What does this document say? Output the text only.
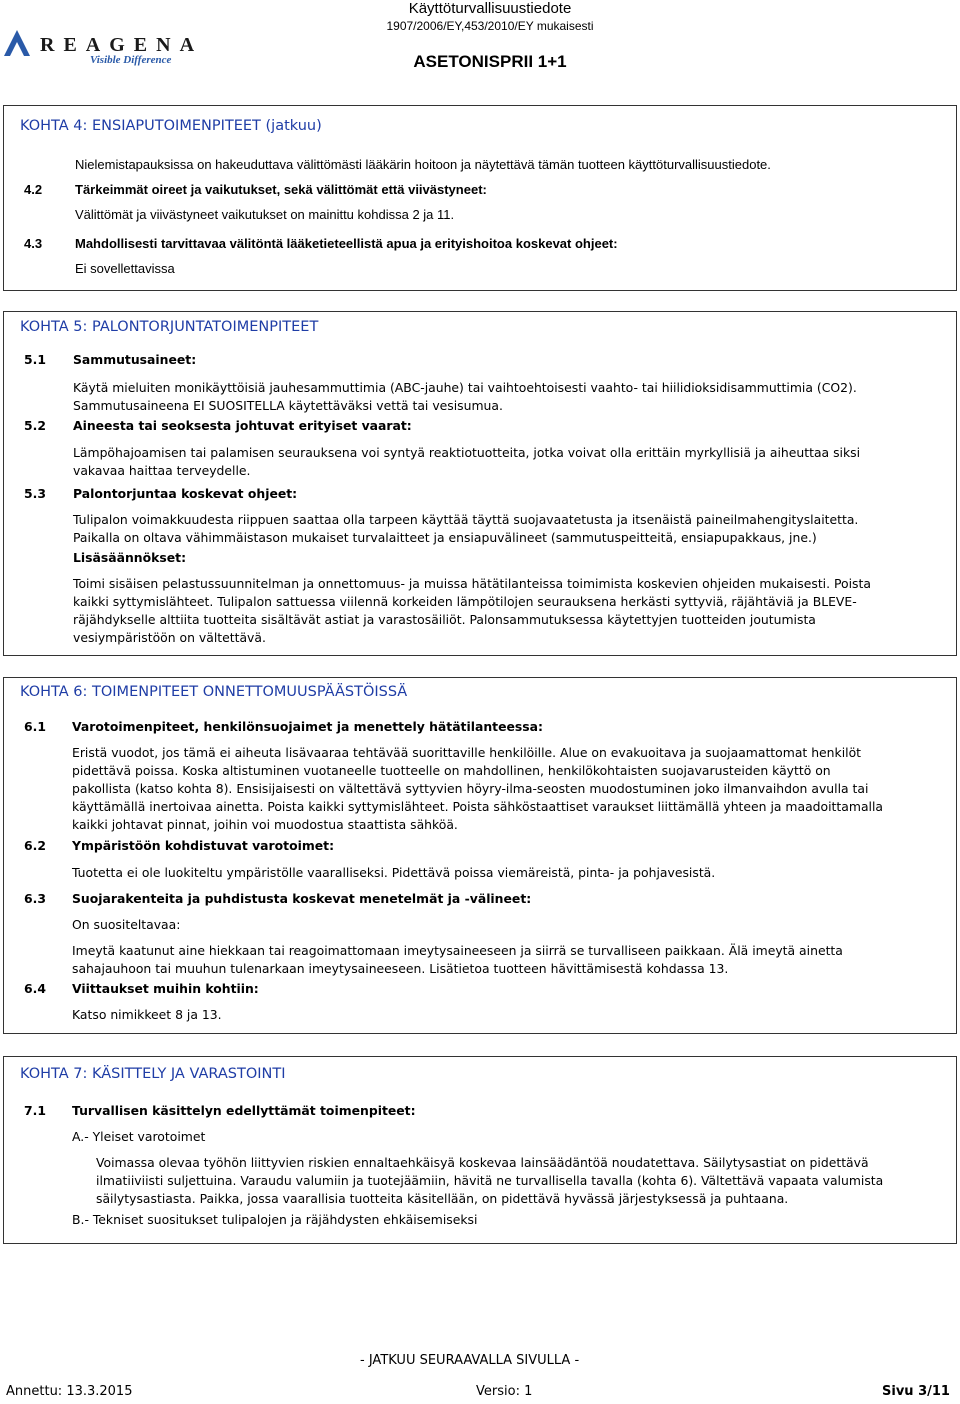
REAGENA
Visible Difference
Käyttöturvallisuustiedote
1907/2006/EY,453/2010/EY mukaisesti
ASETONISPRII 1+1
KOHTA 4: ENSIAPUTOIMENPITEET (jatkuu)
Nielemistapauksissa on hakeuduttava välittömästi lääkärin hoitoon ja näytettävä tämän tuotteen käyttöturvallisuustiedote.
4.2	Tärkeimmät oireet ja vaikutukset, sekä välittömät että viivästyneet:
Välittömät ja viivästyneet vaikutukset on mainittu kohdissa 2 ja 11.
4.3	Mahdollisesti tarvittavaa välitöntä lääketieteellistä apua ja erityishoitoa koskevat ohjeet:
Ei sovellettavissa
KOHTA 5: PALONTORJUNTATOIMENPITEET
5.1 Sammutusaineet:
Käytä mieluiten monikäyttöisiä jauhesammuttimia (ABC-jauhe) tai vaihtoehtoisesti vaahto- tai hiilidioksidisammuttimia (CO2).
Sammutusaineena EI SUOSITELLA käytettäväksi vettä tai vesisumua.
5.2 Aineesta tai seoksesta johtuvat erityiset vaarat:
Lämpöhajoamisen tai palamisen seurauksena voi syntyä reaktiotuotteita, jotka voivat olla erittäin myrkyllisiä ja aiheuttaa siksi
vakavaa haittaa terveydelle.
5.3 Palontorjuntaa koskevat ohjeet:
Tulipalon voimakkuudesta riippuen saattaa olla tarpeen käyttää täyttä suojavaatetusta ja itsenäistä paineilmahengityslaitetta.
Paikalla on oltava vähimmäistason mukaiset turvalaitteet ja ensiapuvälineet (sammutuspeitteitä, ensiapupakkaus, jne.)
Lisäsäännökset:
Toimi sisäisen pelastussuunnitelman ja onnettomuus- ja muissa hätätilanteissa toimimista koskevien ohjeiden mukaisesti. Poista
kaikki syttymislähteet. Tulipalon sattuessa viilennä korkeiden lämpötilojen seurauksena herkästi syttyviä, räjähtäviä ja BLEVE-
räjähdykselle alttiita tuotteita sisältävät astiat ja varastosäiliöt. Palonsammutuksessa käytettyjen tuotteiden joutumista
vesiympäristöön on vältettävä.
KOHTA 6: TOIMENPITEET ONNETTOMUUSPÄÄSTÖISSÄ
6.1 Varotoimenpiteet, henkilönsuojaimet ja menettely hätätilanteessa:
Eristä vuodot, jos tämä ei aiheuta lisävaaraa tehtävää suorittaville henkilöille. Alue on evakuoitava ja suojaamattomat henkilöt
pidettävä poissa. Koska altistuminen vuotaneelle tuotteelle on mahdollinen, henkilökohtaisten suojavarusteiden käyttö on
pakollista (katso kohta 8). Ensisijaisesti on vältettävä syttyvien höyry-ilma-seosten muodostuminen joko ilmanvaihdon avulla tai
käyttämällä inertoivaa ainetta. Poista kaikki syttymislähteet. Poista sähköstaattiset varaukset liittämällä yhteen ja maadoittamalla
kaikki johtavat pinnat, joihin voi muodostua staattista sähköä.
6.2 Ympäristöön kohdistuvat varotoimet:
Tuotetta ei ole luokiteltu ympäristölle vaaralliseksi. Pidettävä poissa viemäreistä, pinta- ja pohjavesistä.
6.3 Suojarakenteita ja puhdistusta koskevat menetelmät ja -välineet:
On suositeltavaa:
Imeytä kaatunut aine hiekkaan tai reagoimattomaan imeytysaineeseen ja siirrä se turvalliseen paikkaan. Älä imeytä ainetta
sahajauhoon tai muuhun tulenarkaan imeytysaineeseen. Lisätietoa tuotteen hävittämisestä kohdassa 13.
6.4 Viittaukset muihin kohtiin:
Katso nimikkeet 8 ja 13.
KOHTA 7: KÄSITTELY JA VARASTOINTI
7.1 Turvallisen käsittelyn edellyttämät toimenpiteet:
A.- Yleiset varotoimet
Voimassa olevaa työhön liittyvien riskien ennaltaehkäisyä koskevaa lainsäädäntöä noudatettava. Säilytysastiat on pidettävä
ilmatiiviisti suljettuina. Varaudu valumiin ja tuotejäämiin, hävitä ne turvallisella tavalla (kohta 6). Vältettävä vapaata valumista
säilytysastiasta. Paikka, jossa vaarallisia tuotteita käsitellään, on pidettävä hyvässä järjestyksessä ja puhtaana.
B.- Tekniset suositukset tulipalojen ja räjähdysten ehkäisemiseksi
- JATKUU SEURAAVALLA SIVULLA -
Annettu: 13.3.2015	Versio: 1	Sivu 3/11
